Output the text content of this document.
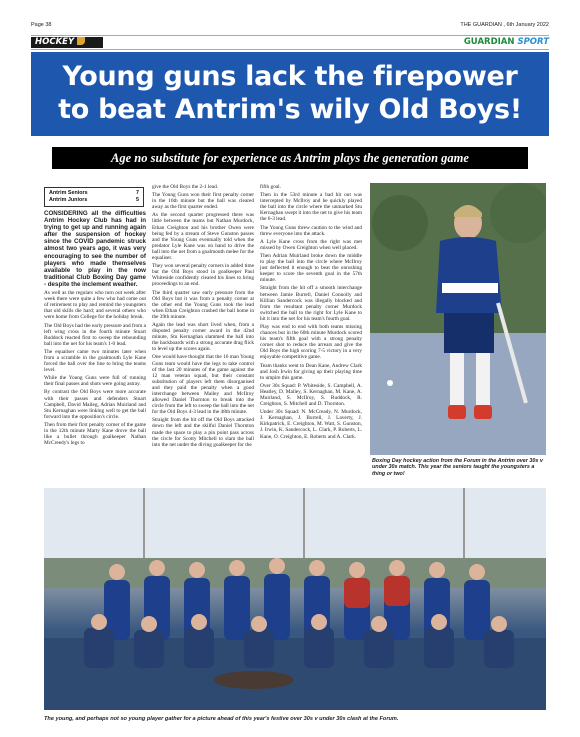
Page 38	THE GUARDIAN , 6th January 2022
HOCKEY	GUARDIAN SPORT
Young guns lack the firepower
to beat Antrim's wily Old Boys!
Age no substitute for experience as Antrim plays the generation game
Antrim Seniors	7
Antrim Juniors	5

CONSIDERING all the difficulties Antrim Hockey Club has had in trying to get up and running again after the suspension of hockey since the COVID pandemic struck almost two years ago, it was very encouraging to see the number of players who made themselves available to play in the now traditional Club Boxing Day game - despite the inclement weather.

As well as the regulars who turn out week after week there were quite a few who had come out of retirement to play and remind the youngsters that old skills die hard; and several others who were home from College for the holiday break.

The Old Boys had the early pressure and from a left wing cross in the fourth minute Stuart Ruddock reacted first to sweep the rebounding ball into the net for his team's 1-0 lead.

The equaliser came two minutes later when from a scramble in the goalmouth Lyle Kane forced the ball over the line to bring the teams level.

While the Young Guns were full of running their final passes and shots were going astray.

By contrast the Old Boys were more accurate with their passes and defenders Stuart Campbell, David Maileg, Adrian Muirland and Stu Kernaghan were linking well to get the ball forward into the opposition's circle.

Then from their first penalty corner of the game in the 12th minute Marty Kane drove the ball like a bullet through goalkeeper Nathan McCreedy's legs to

give the Old Boys the 2-1 lead.

The Young Guns won their first penalty corner in the 16th minute but the ball was cleared away as the first quarter ended.

As the second quarter progressed there was little between the teams but Nathan Murdock, Ethan Creighton and his brother Owen were being fed by a stream of Steve Gunston passes and the Young Guns eventually told when the predator Lyle Kane was on hand to drive the ball into the net from a goalmouth melee for the equaliser.

They won several penalty corners in added time but the Old Boys stood in goalkeeper Paul Whiteside confidently cleared his lines to bring proceedings to an end.

The third quarter saw early pressure from the Old Boys but it was from a penalty corner at the other end the Young Guns took the lead when Ethan Creighton crashed the ball home in the 39th minute.

Again the lead was short lived when, from a disputed penalty corner award in the 42nd minute, Stu Kernaghan slammed the ball into the backboards with a strong accurate drag flick to level up the scores again.

One would have thought that the 16 man Young Guns team would have the legs to take control of the last 20 minutes of the game against the 12 man veteran squad, but their constant substitution of players left them disorganised and they paid the penalty when a good interchange between Mailey and McIlroy allowed Daniel Thornton to break into the circle from the left to sweep the ball into the net for the Old Boys 4-3 lead in the 48th minute.

Straight from the hit off the Old Boys attacked down the left and the skilful Daniel Thornton made the space to play a pin point pass across the circle for Scotty Mitchell to slam the ball into the net under the diving goalkeeper for the

fifth goal.

Then in the 53rd minute a bad hit out was intercepted by McIlroy and he quickly played the ball into the circle where the unmarked Stu Kernaghan swept it into the net to give his team the 6-3 lead.

The Young Guns threw caution to the wind and threw everyone into the attack.

A Lyle Kane cross from the right was met missed by Owen Creighton when well placed.

Then Adrian Muirland broke down the middle to play the ball into the circle where McIlroy just deflected it enough to beat the onrushing keeper to score the seventh goal in the 57th minute.

Straight from the hit off a smooth interchange between Jamie Burrell, Daniel Connolly and Killian Sandercock was illegally blocked and from the resultant penalty corner Murdock switched the ball to the right for Lyle Kane to hit it into the net for his team's fourth goal.

Play was end to end with both teams missing chances but in the 60th minute Murdock scored his team's fifth goal with a strong penalty corner shot to reduce the arrears and give the Old Boys the high scoring 7-5 victory in a very enjoyable competitive game.

Team thanks went to Dean Kane, Andrew Clark and Josh Irwin for giving up their playing time to umpire this game.

Over 30s Squad: P. Whiteside, S. Campbell, A. Heatley, D. Mailey, S. Kernaghan, M. Kane, A. Muirland, S. McIlroy, S. Ruddock, R. Creighton, S. Mitchell and D. Thornton.

Under 30s Squad: N. McCready, N. Murdock, J. Kernaghan, J. Burrell, J. Laverty, J. Kirkpatrick, E. Creighton, M. Watt, S. Gunston, J. Irwin, K. Sandercock, L. Clark, P. Roberts, L. Kane, O. Creighton, E. Roberts and A. Clark.

Boxing Day hockey action from the Forum in the Antrim over 30s v under 30s match. This year the seniors taught the youngsters a thing or two!
The young, and perhaps not so young player gather for a picture ahead of this year's festive over 30s v under 30s clash at the Forum.
